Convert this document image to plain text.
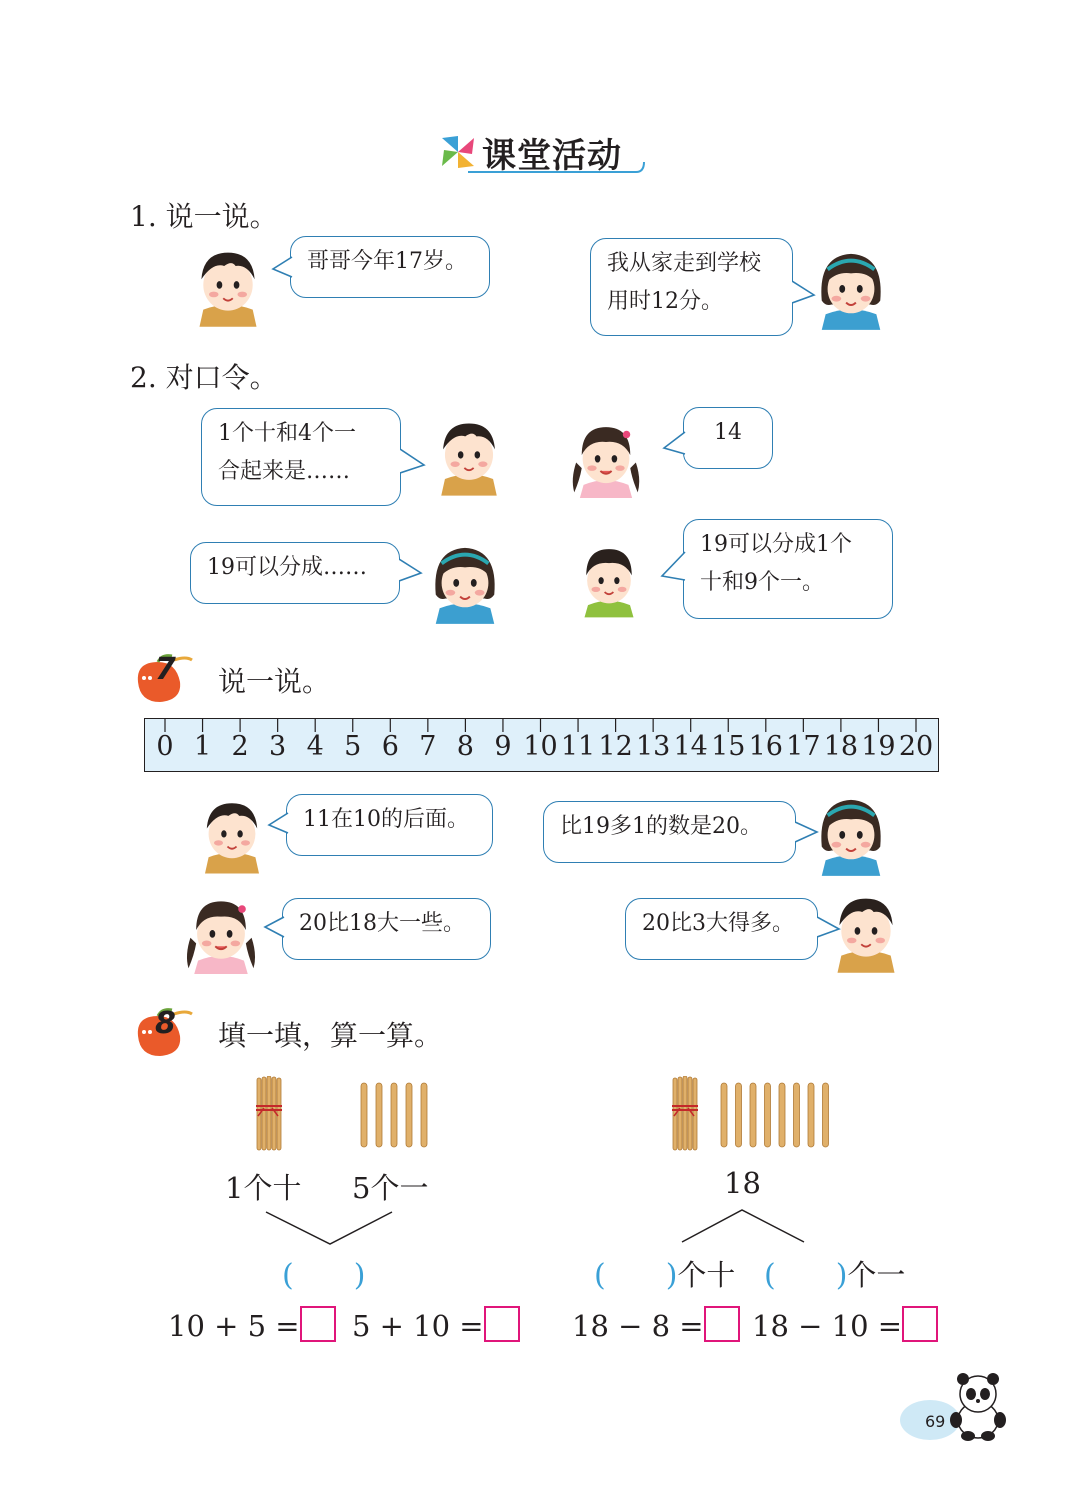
课堂活动
1. 说一说。
哥哥今年17岁。	我从家走到学校
用时12分。
2. 对口令。
1个十和4个一
合起来是……
14
19可以分成……
19可以分成1个
十和9个一。
7 说一说。
0 1 2 3 4 5 6 7 8 9 10 11 12 13 14 15 16 17 18 19 20
11在10的后面。	比19多1的数是20。
20比18大一些。	20比3大得多。
8 填一填，算一算。
1个十 5个一
(　　)
18
(　　)个十 (　　)个一
10 + 5 =	5 + 10 =	18 − 8 =	18 − 10 =
69
